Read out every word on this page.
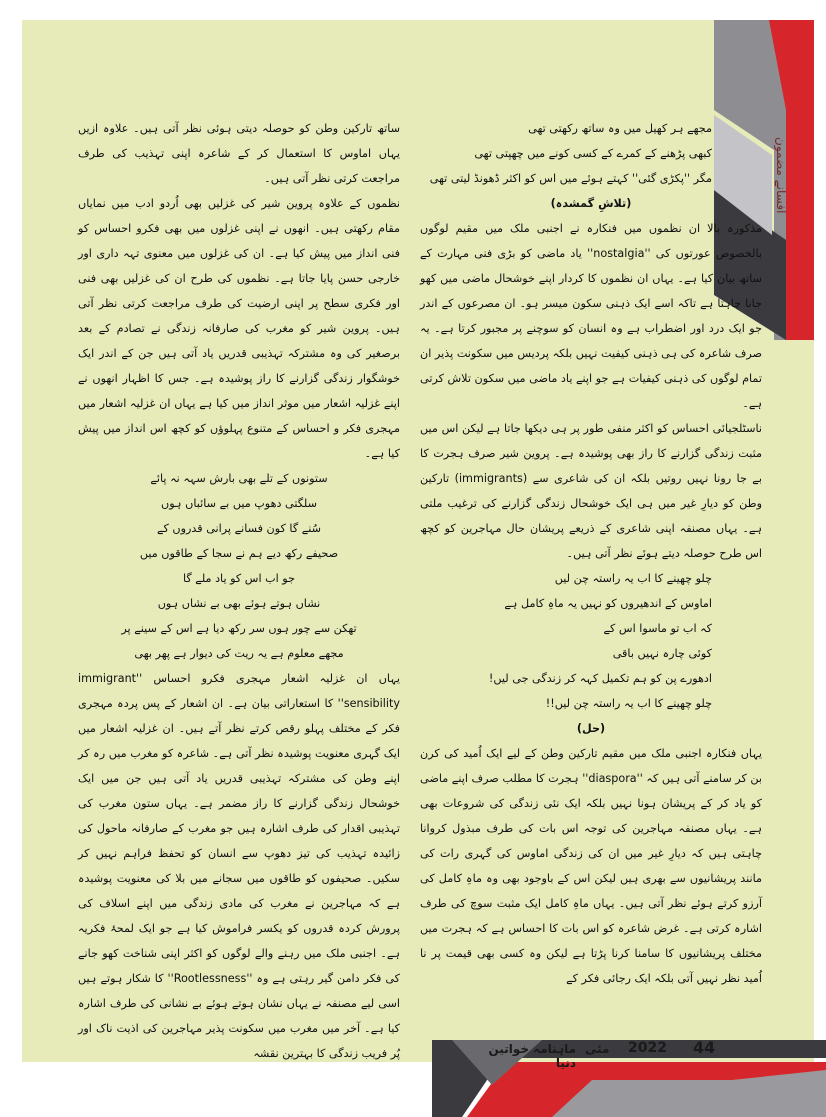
افسانے مضمون

مجھے ہر کھیل میں وہ ساتھ رکھتی تھی

کبھی پڑھنے کے کمرے کے کسی کونے میں چھپتی تھی

مگر ''پکڑی گئی'' کہتے ہوئے میں اس کو اکثر ڈھونڈ لیتی تھی

(تلاشِ گمشدہ)

مذکورہ بالا ان نظموں میں فنکارہ نے اجنبی ملک میں مقیم لوگوں بالخصوص عورتوں کی ''nostalgia'' یاد ماضی کو بڑی فنی مہارت کے ساتھ بیان کیا ہے۔ یہاں ان نظموں کا کردار اپنے خوشحال ماضی میں کھو جانا چاہتا ہے تاکہ اسے ایک ذہنی سکون میسر ہو۔ ان مصرعوں کے اندر جو ایک درد اور اضطراب ہے وہ انسان کو سوچنے پر مجبور کرتا ہے۔ یہ صرف شاعرہ کی ہی ذہنی کیفیت نہیں بلکہ پردیس میں سکونت پذیر ان تمام لوگوں کی ذہنی کیفیات ہے جو اپنے یاد ماضی میں سکون تلاش کرتی ہے۔

ناسٹلجیائی احساس کو اکثر منفی طور پر ہی دیکھا جاتا ہے لیکن اس میں مثبت زندگی گزارنے کا راز بھی پوشیدہ ہے۔ پروین شیر صرف ہجرت کا بے جا رونا نہیں روتیں بلکہ ان کی شاعری سے (immigrants) تارکین وطن کو دیارِ غیر میں ہی ایک خوشحال زندگی گزارنے کی ترغیب ملتی ہے۔ یہاں مصنفہ اپنی شاعری کے ذریعے پریشان حال مہاجرین کو کچھ اس طرح حوصلہ دیتے ہوئے نظر آتی ہیں۔

چلو چھینے کا اب یہ راستہ چن لیں

اماوس کے اندھیروں کو نہیں یہ ماہِ کامل ہے

کہ اب تو ماسوا اس کے

کوئی چارہ نہیں باقی

ادھورے پن کو ہم تکمیل کہہ کر زندگی جی لیں!

چلو چھینے کا اب یہ راستہ چن لیں!!

(حل)

یہاں فنکارہ اجنبی ملک میں مقیم تارکین وطن کے لیے ایک اُمید کی کرن بن کر سامنے آتی ہیں کہ ''diaspora'' ہجرت کا مطلب صرف اپنے ماضی کو یاد کر کے پریشان ہونا نہیں بلکہ ایک نئی زندگی کی شروعات بھی ہے۔ یہاں مصنفہ مہاجرین کی توجہ اس بات کی طرف مبذول کروانا چاہتی ہیں کہ دیارِ غیر میں ان کی زندگی اماوس کی گہری رات کی مانند پریشانیوں سے بھری ہیں لیکن اس کے باوجود بھی وہ ماہِ کامل کی آرزو کرتے ہوئے نظر آتی ہیں۔ یہاں ماہِ کامل ایک مثبت سوچ کی طرف اشارہ کرتی ہے۔ غرض شاعرہ کو اس بات کا احساس ہے کہ ہجرت میں مختلف پریشانیوں کا سامنا کرنا پڑتا ہے لیکن وہ کسی بھی قیمت پر نا اُمید نظر نہیں آتی بلکہ ایک رجائی فکر کے

ساتھ تارکین وطن کو حوصلہ دیتی ہوئی نظر آتی ہیں۔ علاوہ ازیں یہاں اماوس کا استعمال کر کے شاعرہ اپنی تہذیب کی طرف مراجعت کرتی نظر آتی ہیں۔

نظموں کے علاوہ پروین شیر کی غزلیں بھی اُردو ادب میں نمایاں مقام رکھتی ہیں۔ انھوں نے اپنی غزلوں میں بھی فکرو احساس کو فنی انداز میں پیش کیا ہے۔ ان کی غزلوں میں معنوی تہہ داری اور خارجی حسن پایا جاتا ہے۔ نظموں کی طرح ان کی غزلیں بھی فنی اور فکری سطح پر اپنی ارضیت کی طرف مراجعت کرتی نظر آتی ہیں۔ پروین شیر کو مغرب کی صارفانہ زندگی نے تصادم کے بعد برصغیر کی وہ مشترکہ تہذیبی قدریں یاد آتی ہیں جن کے اندر ایک خوشگوار زندگی گزارنے کا راز پوشیدہ ہے۔ جس کا اظہار انھوں نے اپنے غزلیہ اشعار میں موثر انداز میں کیا ہے یہاں ان غزلیہ اشعار میں مہجری فکر و احساس کے متنوع پہلوؤں کو کچھ اس انداز میں پیش کیا ہے۔

ستونوں کے تلے بھی بارش سہہ نہ پائے

سلگتی دھوپ میں بے سائباں ہوں

سُنے گا کون فسانے پرانی قدروں کے

صحیفے رکھ دیے ہم نے سجا کے طاقوں میں

جو اب اس کو یاد ملے گا

نشاں ہوتے ہوئے بھی بے نشاں ہوں

تھکن سے چور ہوں سر رکھ دیا ہے اس کے سینے پر

مجھے معلوم ہے یہ ریت کی دیوار ہے پھر بھی

یہاں ان غزلیہ اشعار مہجری فکرو احساس ''immigrant sensibility'' کا استعاراتی بیان ہے۔ ان اشعار کے پس پردہ مہجری فکر کے مختلف پہلو رقص کرتے نظر آتے ہیں۔ ان غزلیہ اشعار میں ایک گہری معنویت پوشیدہ نظر آتی ہے۔ شاعرہ کو مغرب میں رہ کر اپنے وطن کی مشترکہ تہذیبی قدریں یاد آتی ہیں جن میں ایک خوشحال زندگی گزارنے کا راز مضمر ہے۔ یہاں ستون مغرب کی تہذیبی اقدار کی طرف اشارہ ہیں جو مغرب کے صارفانہ ماحول کی زائیدہ تہذیب کی تیز دھوپ سے انسان کو تحفظ فراہم نہیں کر سکیں۔ صحیفوں کو طاقوں میں سجانے میں بلا کی معنویت پوشیدہ ہے کہ مہاجرین نے مغرب کی مادی زندگی میں اپنے اسلاف کی پرورش کردہ قدروں کو یکسر فراموش کیا ہے جو ایک لمحۂ فکریہ ہے۔ اجنبی ملک میں رہنے والے لوگوں کو اکثر اپنی شناخت کھو جانے کی فکر دامن گیر رہتی ہے وہ ''Rootlessness'' کا شکار ہوتے ہیں اسی لیے مصنفہ نے یہاں نشان ہوتے ہوئے بے نشانی کی طرف اشارہ کیا ہے۔ آخر میں مغرب میں سکونت پذیر مہاجرین کی اذیت ناک اور پُر فریب زندگی کا بہترین نقشہ	44
2022
مئی
ماہنامہ خواتین دنیا
